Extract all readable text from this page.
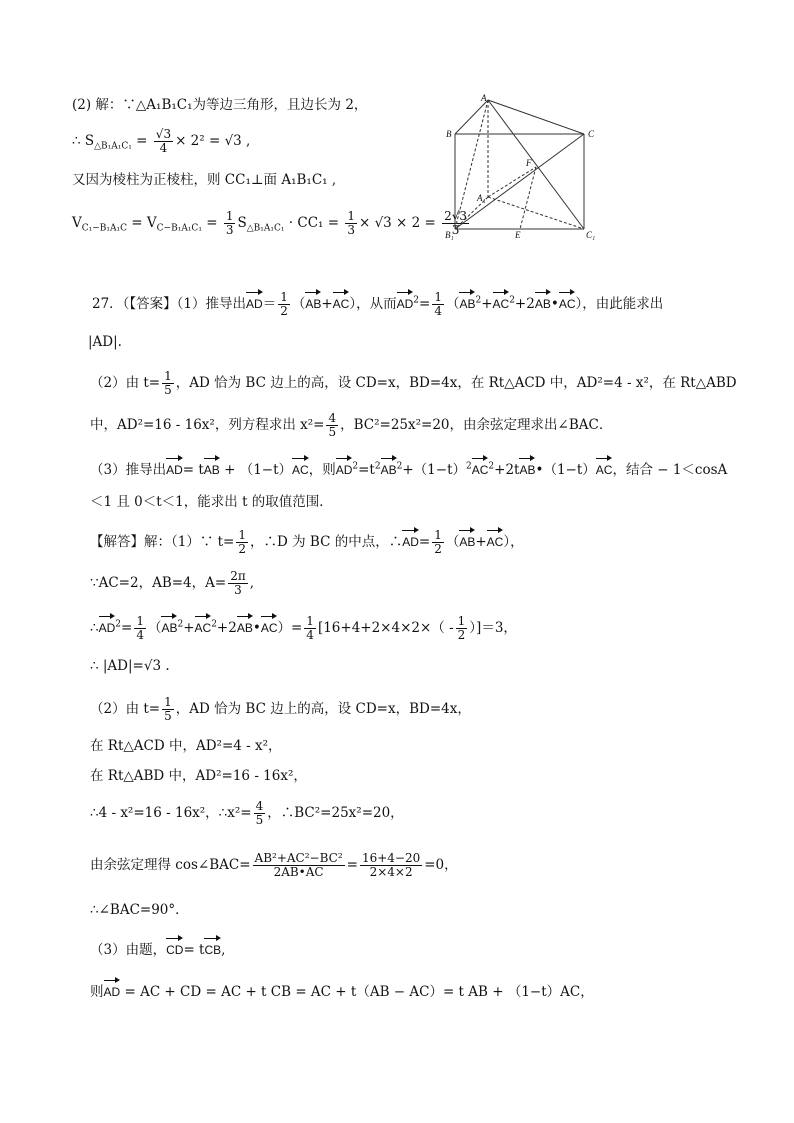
(2) 解：∵△A₁B₁C₁为等边三角形，且边长为 2，
∴ $S_{\triangle B_1A_1C_1} = \frac{√3}{4} \times 2^2 = √3$ ,
又因为棱柱为正棱柱，则 CC₁⊥面 A₁B₁C₁ ,
$V_{C_1-B_1A_1C} = V_{C-B_1A_1C_1} = \frac{1}{3} S_{\triangle B_1A_1C_1} \cdot CC_1 = \frac{1}{3} \times √3 \times 2 = \frac{2√3}{3}$
A
B	C
F
A₁
B₁	E	C₁
27．（【答案】（1）推导出$AD= \frac{1}{2} (AB+AC)$，从而$AD^2= \frac{1}{4}$ $(AB^2+AC^2+2AB•AC)$，由此能求出
|AD|.
（2）由 $t= \frac{1}{5}$ ，AD 恰为 BC 边上的高，设 CD=x，BD=4x，在 Rt△ACD 中，AD²=4 - x²，在 Rt△ABD
中，AD²=16 - 16x²，列方程求出 $x^2= \frac{4}{5}$ ，BC²=25x²=20，由余弦定理求出∠BAC．
（3）推导出AD= tAB + （1−t）AC，则$AD^2=t^2AB^2+(1-t)^2AC^2+2tAB•(1-t)AC$，结合 − 1＜cosA
＜1 且 0＜t＜1，能求出 t 的取值范围．
【解答】解：（1）∵ $t= \frac{1}{2}$ ，∴D 为 BC 的中点，∴AD= $\frac{1}{2} (AB+AC)$，
∵AC=2，AB=4，$A= \frac{2\pi}{3}$ ,
$\therefore AD^2= \frac{1}{4}$ $(AB^2+AC^2+2AB•AC)= \frac{1}{4} [16+4+2\times 4\times 2\times( - \frac{1}{2} )]=3$，
∴ |AD|=√3 .
（2）由 $t= \frac{1}{5}$ ，AD 恰为 BC 边上的高，设 CD=x，BD=4x，
在 Rt△ACD 中，AD²=4 - x²，
在 Rt△ABD 中，AD²=16 - 16x²，
∴4 - x²=16 - 16x²，∴x²= $\frac{4}{5}$ ，∴BC²=25x²=20，
由余弦定理得 cos∠BAC= $\frac{\text{AB²+AC²−BC²}}{2AB•AC} = \frac{16+4-20}{2\times 4\times 2} =0$，
∴∠BAC=90°．
（3）由题，CD= tCB,
则AD = AC + CD = AC + t CB = AC + t（AB − AC）= t AB + （1−t）AC，
